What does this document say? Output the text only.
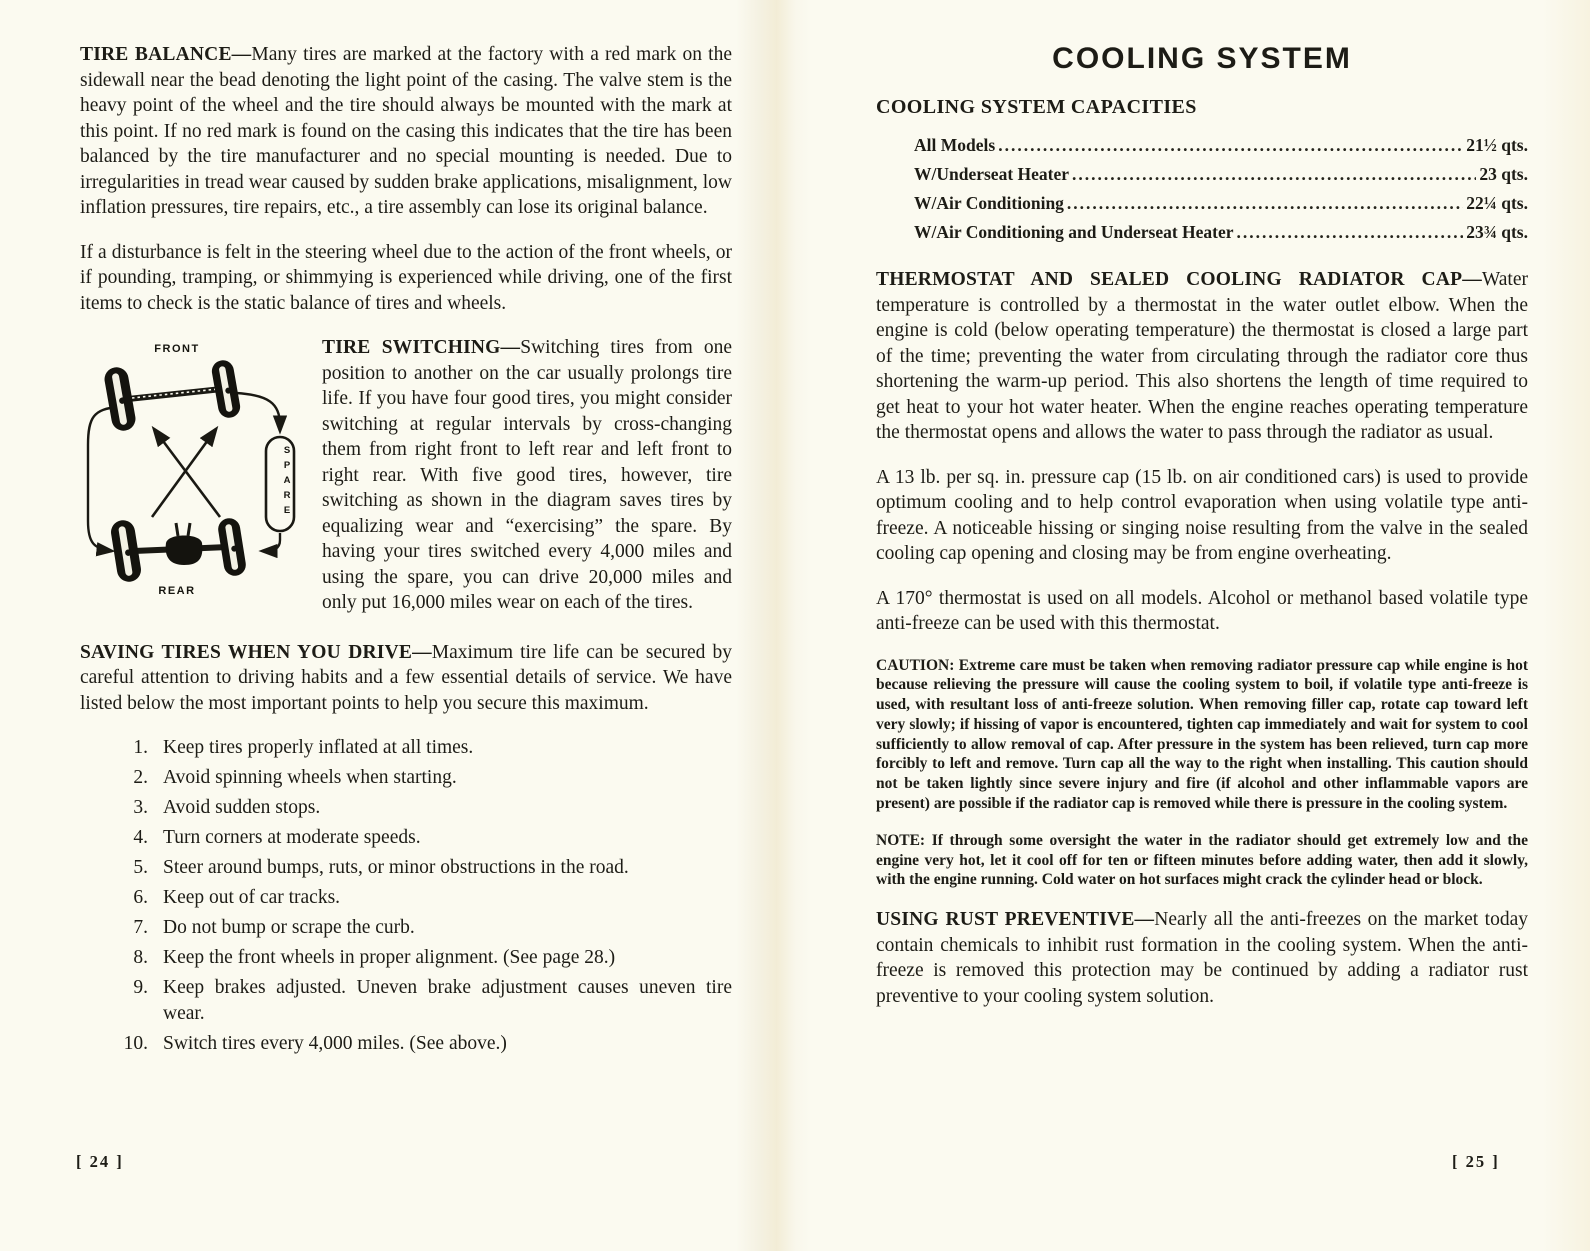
TIRE BALANCE—Many tires are marked at the factory with a red mark on the sidewall near the bead denoting the light point of the casing. The valve stem is the heavy point of the wheel and the tire should always be mounted with the mark at this point. If no red mark is found on the casing this indicates that the tire has been balanced by the tire manufacturer and no special mounting is needed. Due to irregularities in tread wear caused by sudden brake applications, misalignment, low inflation pressures, tire repairs, etc., a tire assembly can lose its original balance.

If a disturbance is felt in the steering wheel due to the action of the front wheels, or if pounding, tramping, or shimmying is experienced while driving, one of the first items to check is the static balance of tires and wheels.

FRONT
REAR
SPARE
TIRE SWITCHING—Switching tires from one position to another on the car usually prolongs tire life. If you have four good tires, you might consider switching at regular intervals by cross-changing them from right front to left rear and left front to right rear. With five good tires, however, tire switching as shown in the diagram saves tires by equalizing wear and “exercising” the spare. By having your tires switched every 4,000 miles and using the spare, you can drive 20,000 miles and only put 16,000 miles wear on each of the tires.

SAVING TIRES WHEN YOU DRIVE—Maximum tire life can be secured by careful attention to driving habits and a few essential details of service. We have listed below the most important points to help you secure this maximum.

1. Keep tires properly inflated at all times.
2. Avoid spinning wheels when starting.
3. Avoid sudden stops.
4. Turn corners at moderate speeds.
5. Steer around bumps, ruts, or minor obstructions in the road.
6. Keep out of car tracks.
7. Do not bump or scrape the curb.
8. Keep the front wheels in proper alignment. (See page 28.)
9. Keep brakes adjusted. Uneven brake adjustment causes uneven tire wear.
10. Switch tires every 4,000 miles. (See above.)
COOLING SYSTEM
COOLING SYSTEM CAPACITIES
All Models .....	21½ qts.
W/Underseat Heater .....	23 qts.
W/Air Conditioning .....	22¼ qts.
W/Air Conditioning and Underseat Heater .....	23¾ qts.

THERMOSTAT AND SEALED COOLING RADIATOR CAP—Water temperature is controlled by a thermostat in the water outlet elbow. When the engine is cold (below operating temperature) the thermostat is closed a large part of the time; preventing the water from circulating through the radiator core thus shortening the warm-up period. This also shortens the length of time required to get heat to your hot water heater. When the engine reaches operating temperature the thermostat opens and allows the water to pass through the radiator as usual.

A 13 lb. per sq. in. pressure cap (15 lb. on air conditioned cars) is used to provide optimum cooling and to help control evaporation when using volatile type anti-freeze. A noticeable hissing or singing noise resulting from the valve in the sealed cooling cap opening and closing may be from engine overheating.

A 170° thermostat is used on all models. Alcohol or methanol based volatile type anti-freeze can be used with this thermostat.

CAUTION: Extreme care must be taken when removing radiator pressure cap while engine is hot because relieving the pressure will cause the cooling system to boil, if volatile type anti-freeze is used, with resultant loss of anti-freeze solution. When removing filler cap, rotate cap toward left very slowly; if hissing of vapor is encountered, tighten cap immediately and wait for system to cool sufficiently to allow removal of cap. After pressure in the system has been relieved, turn cap more forcibly to left and remove. Turn cap all the way to the right when installing. This caution should not be taken lightly since severe injury and fire (if alcohol and other inflammable vapors are present) are possible if the radiator cap is removed while there is pressure in the cooling system.

NOTE: If through some oversight the water in the radiator should get extremely low and the engine very hot, let it cool off for ten or fifteen minutes before adding water, then add it slowly, with the engine running. Cold water on hot surfaces might crack the cylinder head or block.

USING RUST PREVENTIVE—Nearly all the anti-freezes on the market today contain chemicals to inhibit rust formation in the cooling system. When the anti-freeze is removed this protection may be continued by adding a radiator rust preventive to your cooling system solution.

[ 24 ]	[ 25 ]
